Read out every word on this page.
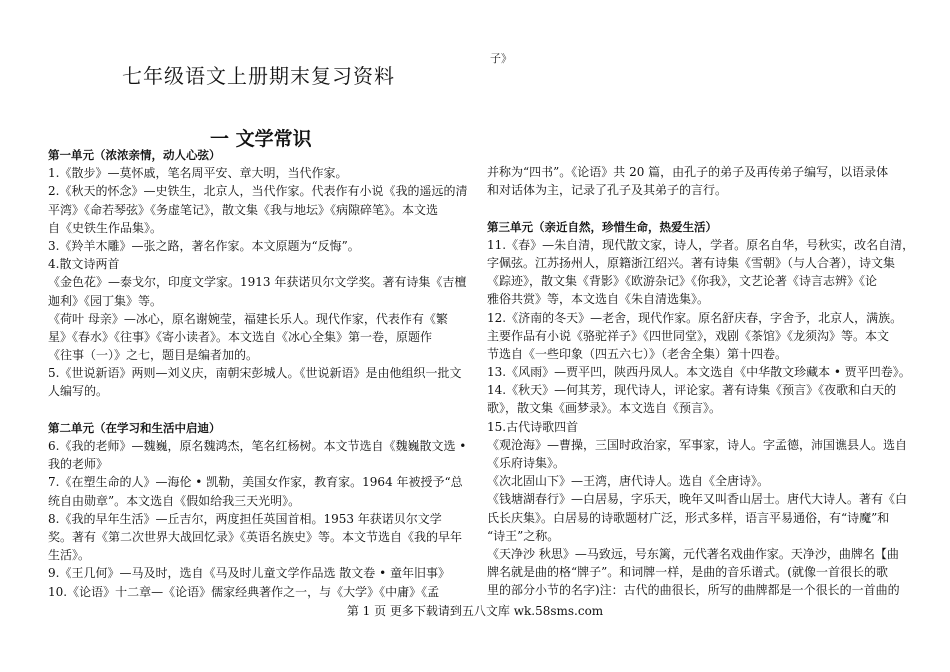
七年级语文上册期末复习资料
子》
一 文学常识
第一单元（浓浓亲情，动人心弦）
1.《散步》—莫怀戚，笔名周平安、章大明，当代作家。
2.《秋天的怀念》—史铁生，北京人，当代作家。代表作有小说《我的遥远的清
平湾》《命若琴弦》《务虚笔记》，散文集《我与地坛》《病隙碎笔》。本文选
自《史铁生作品集》。
3.《羚羊木雕》—张之路，著名作家。本文原题为“反悔”。
4.散文诗两首
《金色花》—泰戈尔，印度文学家。1913 年获诺贝尔文学奖。著有诗集《吉檀
迦利》《园丁集》等。
《荷叶 母亲》—冰心，原名谢婉莹，福建长乐人。现代作家，代表作有《繁
星》《春水》《往事》《寄小读者》。本文选自《冰心全集》第一卷，原题作
《往事（一）》之七，题目是编者加的。
5.《世说新语》两则—刘义庆，南朝宋彭城人。《世说新语》是由他组织一批文
人编写的。
第二单元（在学习和生活中启迪）
6.《我的老师》—魏巍，原名魏鸿杰，笔名红杨树。本文节选自《魏巍散文选 •
我的老师》
7.《在塑生命的人》—海伦 • 凯勒，美国女作家，教育家。1964 年被授予“总
统自由勋章”。本文选自《假如给我三天光明》。
8.《我的早年生活》—丘吉尔，两度担任英国首相。1953 年获诺贝尔文学
奖。著有《第二次世界大战回忆录》《英语名族史》等。本文节选自《我的早年
生活》。
9.《王几何》—马及时，选自《马及时儿童文学作品选 散文卷 • 童年旧事》
10.《论语》十二章—《论语》儒家经典著作之一，与《大学》《中庸》《孟
并称为“四书”。《论语》共 20 篇，由孔子的弟子及再传弟子编写，以语录体
和对话体为主，记录了孔子及其弟子的言行。
第三单元（亲近自然，珍惜生命，热爱生活）
11.《春》—朱自清，现代散文家，诗人，学者。原名自华，号秋实，改名自清，
字佩弦。江苏扬州人，原籍浙江绍兴。著有诗集《雪朝》（与人合著），诗文集
《踪迹》，散文集《背影》《欧游杂记》《你我》，文艺论著《诗言志辨》《论
雅俗共赏》等，本文选自《朱自清选集》。
12.《济南的冬天》—老舍，现代作家。原名舒庆春，字舍予，北京人，满族。
主要作品有小说《骆驼祥子》《四世同堂》，戏剧《茶馆》《龙须沟》等。本文
节选自《一些印象（四五六七）》（老舍全集）第十四卷。
13.《风雨》—贾平凹，陕西丹凤人。本文选自《中华散文珍藏本 • 贾平凹卷》。
14.《秋天》—何其芳，现代诗人，评论家。著有诗集《预言》《夜歌和白天的
歌》，散文集《画梦录》。本文选自《预言》。
15.古代诗歌四首
《观沧海》—曹操，三国时政治家，军事家，诗人。字孟德，沛国谯县人。选自
《乐府诗集》。
《次北固山下》—王湾，唐代诗人。选自《全唐诗》。
《钱塘湖春行》—白居易，字乐天，晚年又叫香山居士。唐代大诗人。著有《白
氏长庆集》。白居易的诗歌题材广泛，形式多样，语言平易通俗，有“诗魔”和
“诗王”之称。
《天净沙 秋思》—马致远，号东篱，元代著名戏曲作家。天净沙，曲牌名【曲
牌名就是曲的格“牌子”。和词牌一样，是曲的音乐谱式。(就像一首很长的歌
里的部分小节的名字)注：古代的曲很长，所写的曲牌都是一个很长的一首曲的
第 1 页 更多下载请到五八文库 wk.58sms.com
